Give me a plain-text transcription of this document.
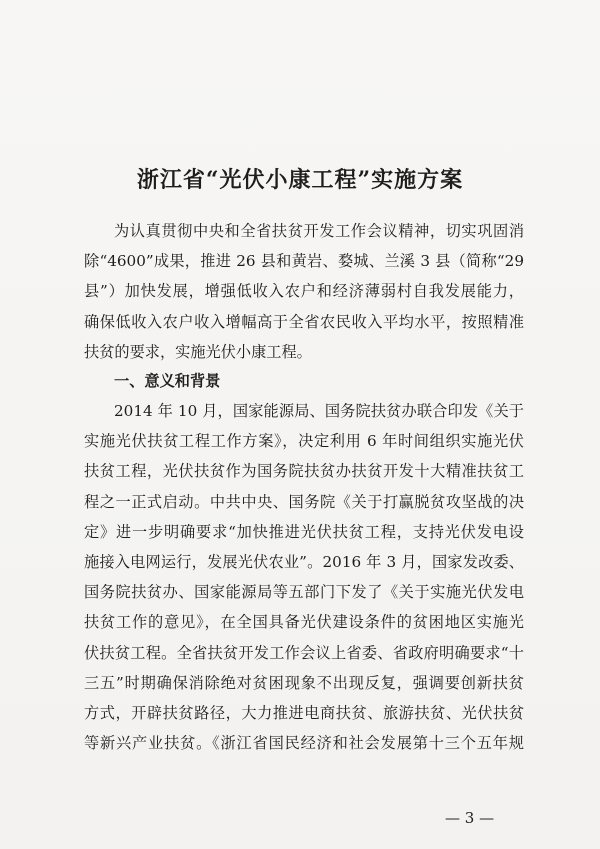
浙江省“光伏小康工程”实施方案
为认真贯彻中央和全省扶贫开发工作会议精神，切实巩固消
除“4600”成果，推进 26 县和黄岩、婺城、兰溪 3 县（简称“29
县”）加快发展，增强低收入农户和经济薄弱村自我发展能力，
确保低收入农户收入增幅高于全省农民收入平均水平，按照精准
扶贫的要求，实施光伏小康工程。
一、意义和背景
2014 年 10 月，国家能源局、国务院扶贫办联合印发《关于
实施光伏扶贫工程工作方案》，决定利用 6 年时间组织实施光伏
扶贫工程，光伏扶贫作为国务院扶贫办扶贫开发十大精准扶贫工
程之一正式启动。中共中央、国务院《关于打赢脱贫攻坚战的决
定》进一步明确要求“加快推进光伏扶贫工程，支持光伏发电设
施接入电网运行，发展光伏农业”。2016 年 3 月，国家发改委、
国务院扶贫办、国家能源局等五部门下发了《关于实施光伏发电
扶贫工作的意见》，在全国具备光伏建设条件的贫困地区实施光
伏扶贫工程。全省扶贫开发工作会议上省委、省政府明确要求“十
三五”时期确保消除绝对贫困现象不出现反复，强调要创新扶贫
方式，开辟扶贫路径，大力推进电商扶贫、旅游扶贫、光伏扶贫
等新兴产业扶贫。《浙江省国民经济和社会发展第十三个五年规
— 3 —
